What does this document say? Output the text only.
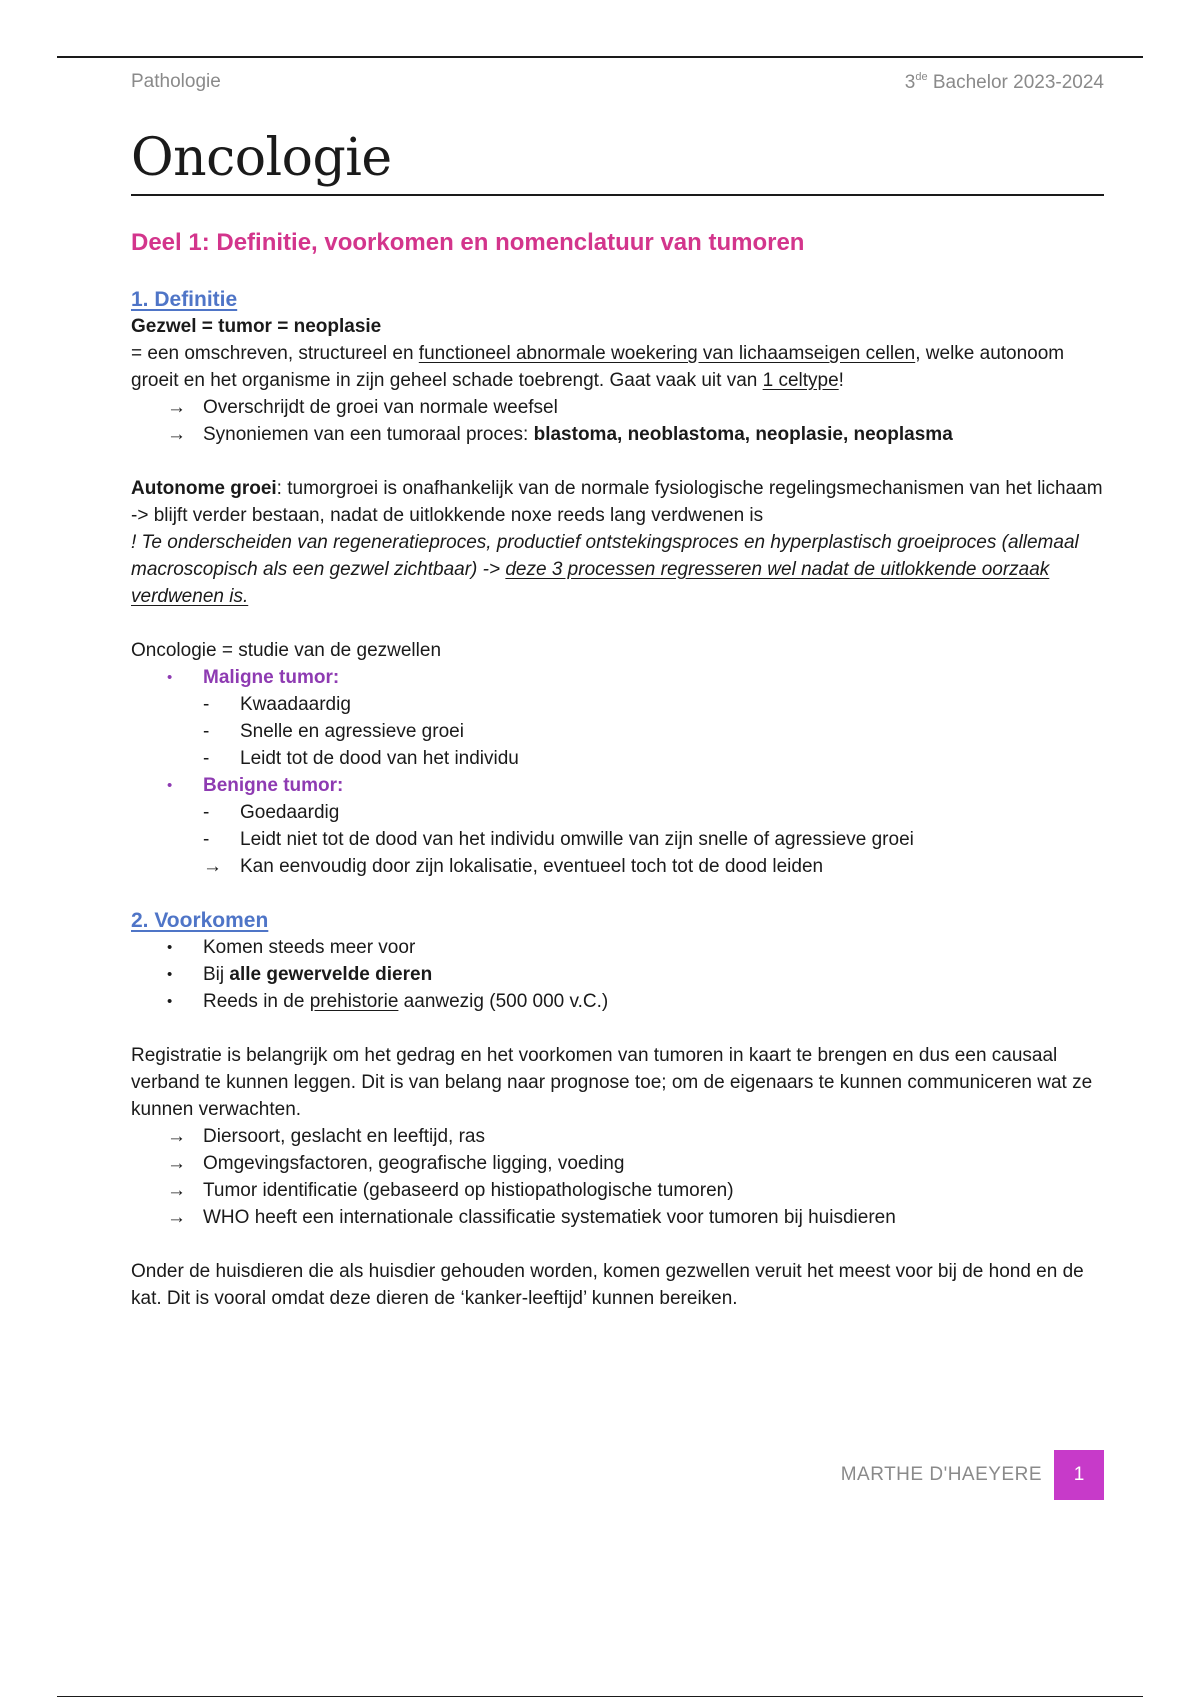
Pathologie	3de Bachelor 2023-2024
Oncologie
Deel 1: Definitie, voorkomen en nomenclatuur van tumoren
1. Definitie

Gezwel = tumor = neoplasie

= een omschreven, structureel en functioneel abnormale woekering van lichaamseigen cellen, welke autonoom groeit en het organisme in zijn geheel schade toebrengt. Gaat vaak uit van 1 celtype!

→ Overschrijdt de groei van normale weefsel
→ Synoniemen van een tumoraal proces: blastoma, neoblastoma, neoplasie, neoplasma

Autonome groei: tumorgroei is onafhankelijk van de normale fysiologische regelingsmechanismen van het lichaam

-> blijft verder bestaan, nadat de uitlokkende noxe reeds lang verdwenen is

! Te onderscheiden van regeneratieproces, productief ontstekingsproces en hyperplastisch groeiproces (allemaal macroscopisch als een gezwel zichtbaar) -> deze 3 processen regresseren wel nadat de uitlokkende oorzaak verdwenen is.

Oncologie = studie van de gezwellen

• Maligne tumor:
- Kwaadaardig
- Snelle en agressieve groei
- Leidt tot de dood van het individu
• Benigne tumor:
- Goedaardig
- Leidt niet tot de dood van het individu omwille van zijn snelle of agressieve groei
→ Kan eenvoudig door zijn lokalisatie, eventueel toch tot de dood leiden
2. Voorkomen
• Komen steeds meer voor
• Bij alle gewervelde dieren
• Reeds in de prehistorie aanwezig (500 000 v.C.)

Registratie is belangrijk om het gedrag en het voorkomen van tumoren in kaart te brengen en dus een causaal verband te kunnen leggen. Dit is van belang naar prognose toe; om de eigenaars te kunnen communiceren wat ze kunnen verwachten.

→ Diersoort, geslacht en leeftijd, ras
→ Omgevingsfactoren, geografische ligging, voeding
→ Tumor identificatie (gebaseerd op histiopathologische tumoren)
→ WHO heeft een internationale classificatie systematiek voor tumoren bij huisdieren

Onder de huisdieren die als huisdier gehouden worden, komen gezwellen veruit het meest voor bij de hond en de kat. Dit is vooral omdat deze dieren de ‘kanker-leeftijd’ kunnen bereiken.

MARTHE D'HAEYERE	1
